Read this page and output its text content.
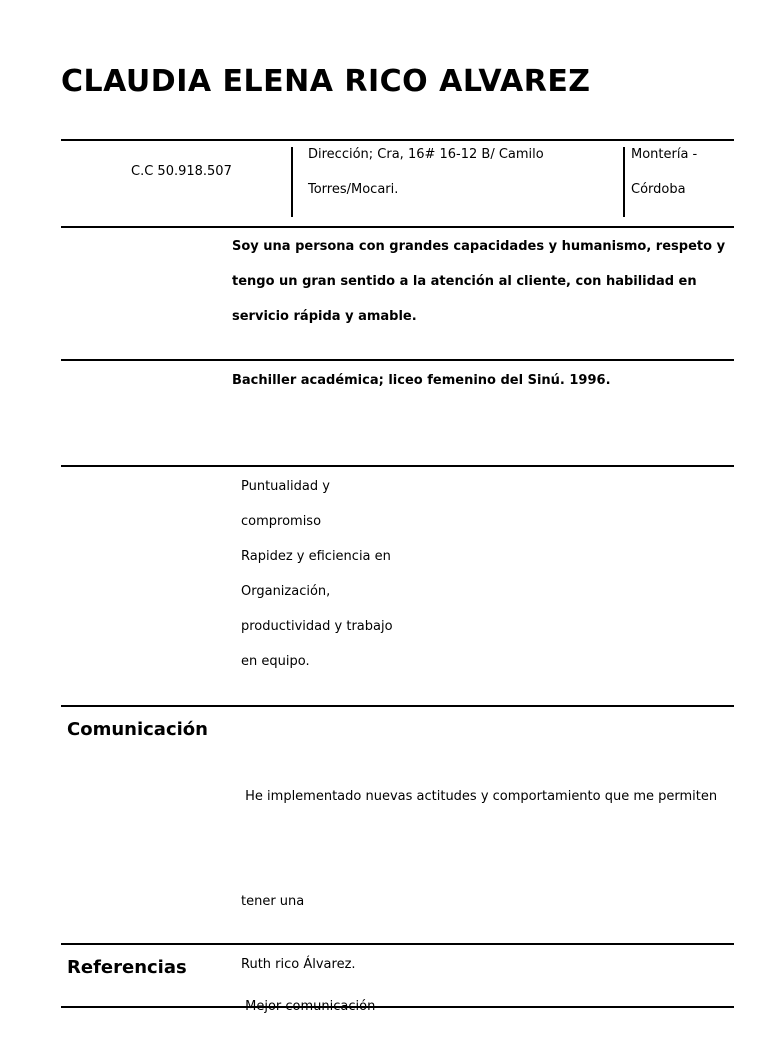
CLAUDIA ELENA RICO ALVAREZ
C.C 50.918.507
Dirección; Cra, 16# 16-12 B/ Camilo
Torres/Mocari.
Montería -
Córdoba
Soy una persona con grandes capacidades y humanismo, respeto y
tengo un gran sentido a la atención al cliente, con habilidad en
servicio rápida y amable.
Bachiller académica; liceo femenino del Sinú. 1996.
Puntualidad y
compromiso
Rapidez y eficiencia en
Organización,
productividad y trabajo
en equipo.
Comunicación

He implementado nuevas actitudes y comportamiento que me permiten

tener una

Mejor comunicación

Referencias	Ruth rico Álvarez.
